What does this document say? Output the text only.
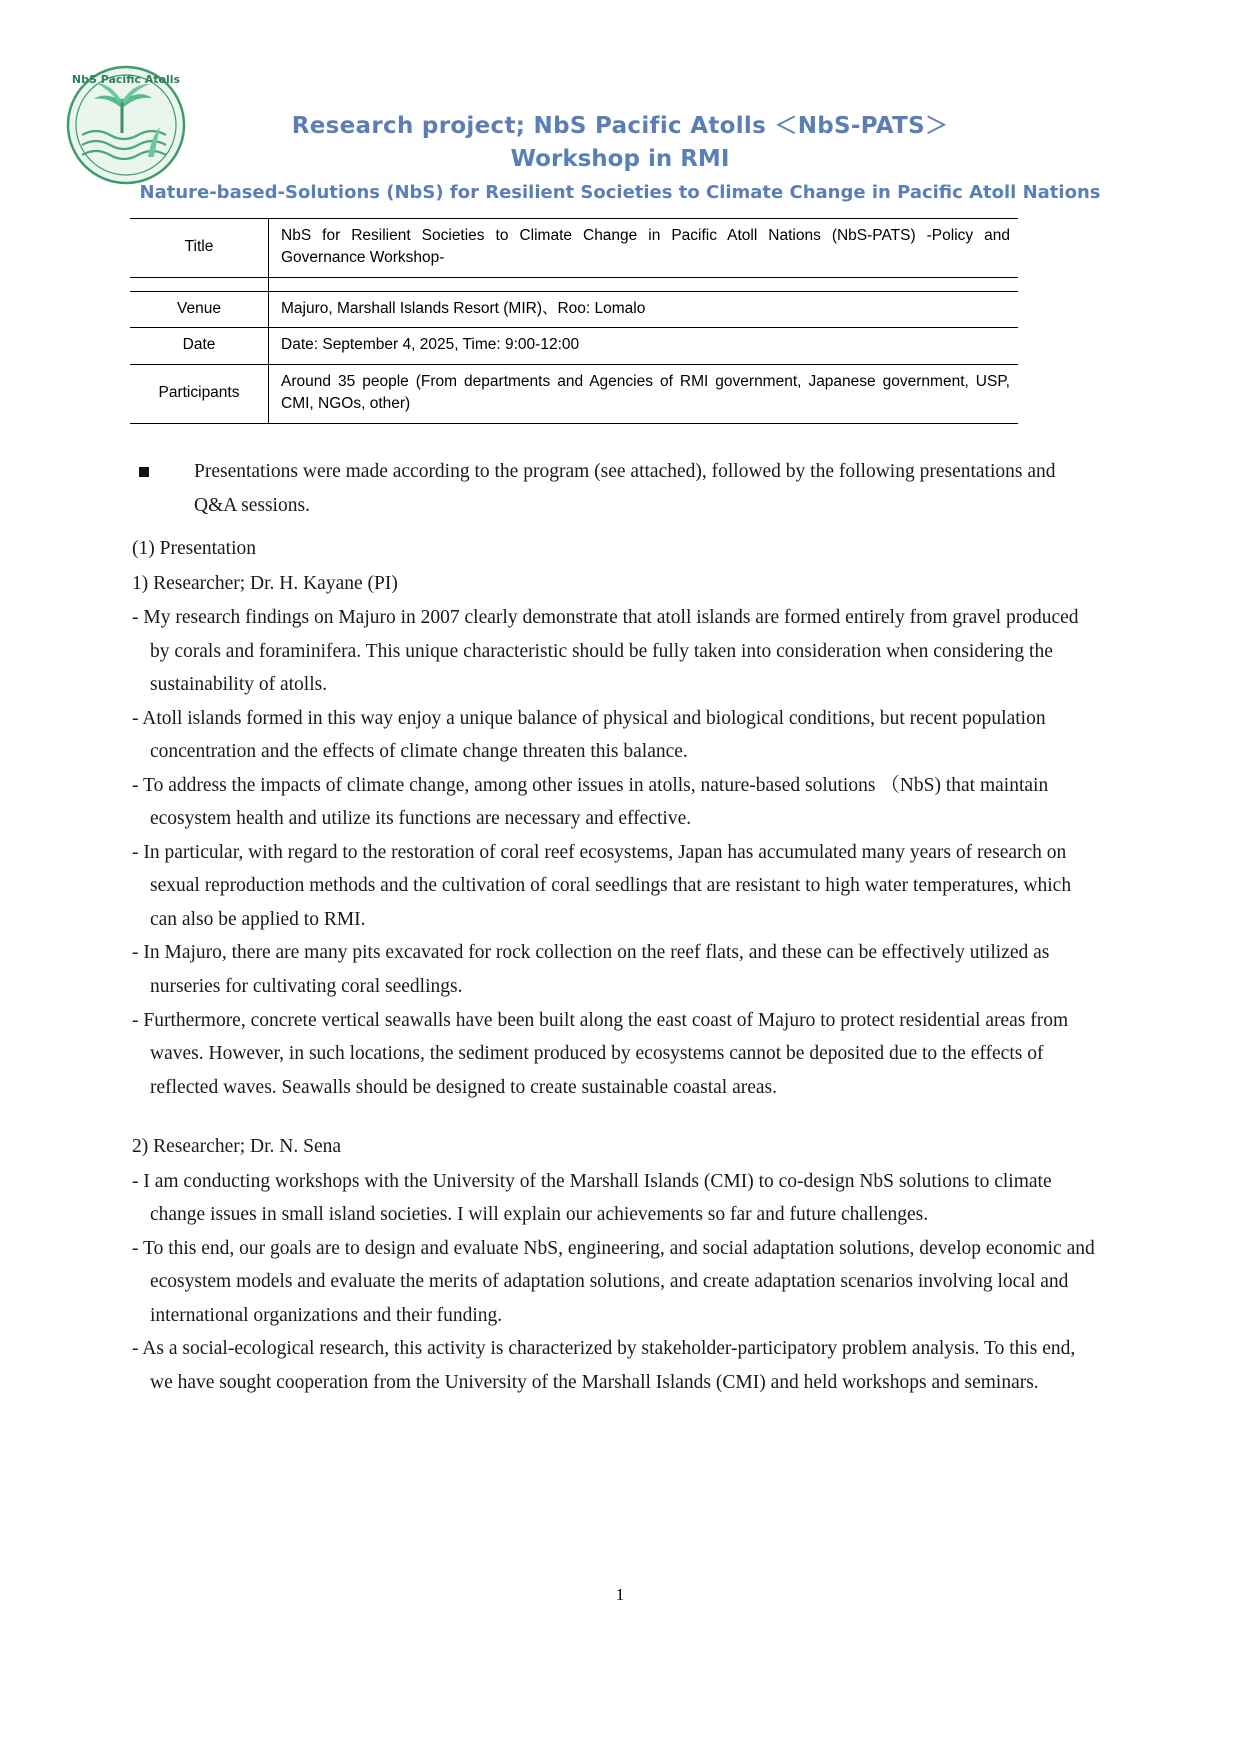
NbS Pacific Atolls
Research project; NbS Pacific Atolls ＜NbS-PATS＞
Workshop in RMI
Nature-based-Solutions (NbS) for Resilient Societies to Climate Change in Pacific Atoll Nations
Title	NbS for Resilient Societies to Climate Change in Pacific Atoll Nations (NbS-PATS) -Policy and Governance Workshop-

Venue	Majuro, Marshall Islands Resort (MIR)、Roo: Lomalo
Date	Date: September 4, 2025, Time: 9:00-12:00
Participants	Around 35 people (From departments and Agencies of RMI government, Japanese government, USP, CMI, NGOs, other)
Presentations were made according to the program (see attached), followed by the following presentations and Q&A sessions.

(1) Presentation

1) Researcher; Dr. H. Kayane (PI)

- My research findings on Majuro in 2007 clearly demonstrate that atoll islands are formed entirely from gravel produced by corals and foraminifera. This unique characteristic should be fully taken into consideration when considering the sustainability of atolls.

- Atoll islands formed in this way enjoy a unique balance of physical and biological conditions, but recent population concentration and the effects of climate change threaten this balance.

- To address the impacts of climate change, among other issues in atolls, nature-based solutions （NbS) that maintain ecosystem health and utilize its functions are necessary and effective.

- In particular, with regard to the restoration of coral reef ecosystems, Japan has accumulated many years of research on sexual reproduction methods and the cultivation of coral seedlings that are resistant to high water temperatures, which can also be applied to RMI.

- In Majuro, there are many pits excavated for rock collection on the reef flats, and these can be effectively utilized as nurseries for cultivating coral seedlings.

- Furthermore, concrete vertical seawalls have been built along the east coast of Majuro to protect residential areas from waves. However, in such locations, the sediment produced by ecosystems cannot be deposited due to the effects of reflected waves. Seawalls should be designed to create sustainable coastal areas.

2) Researcher; Dr. N. Sena

- I am conducting workshops with the University of the Marshall Islands (CMI) to co-design NbS solutions to climate change issues in small island societies. I will explain our achievements so far and future challenges.

- To this end, our goals are to design and evaluate NbS, engineering, and social adaptation solutions, develop economic and ecosystem models and evaluate the merits of adaptation solutions, and create adaptation scenarios involving local and international organizations and their funding.

- As a social-ecological research, this activity is characterized by stakeholder-participatory problem analysis. To this end, we have sought cooperation from the University of the Marshall Islands (CMI) and held workshops and seminars.

1
